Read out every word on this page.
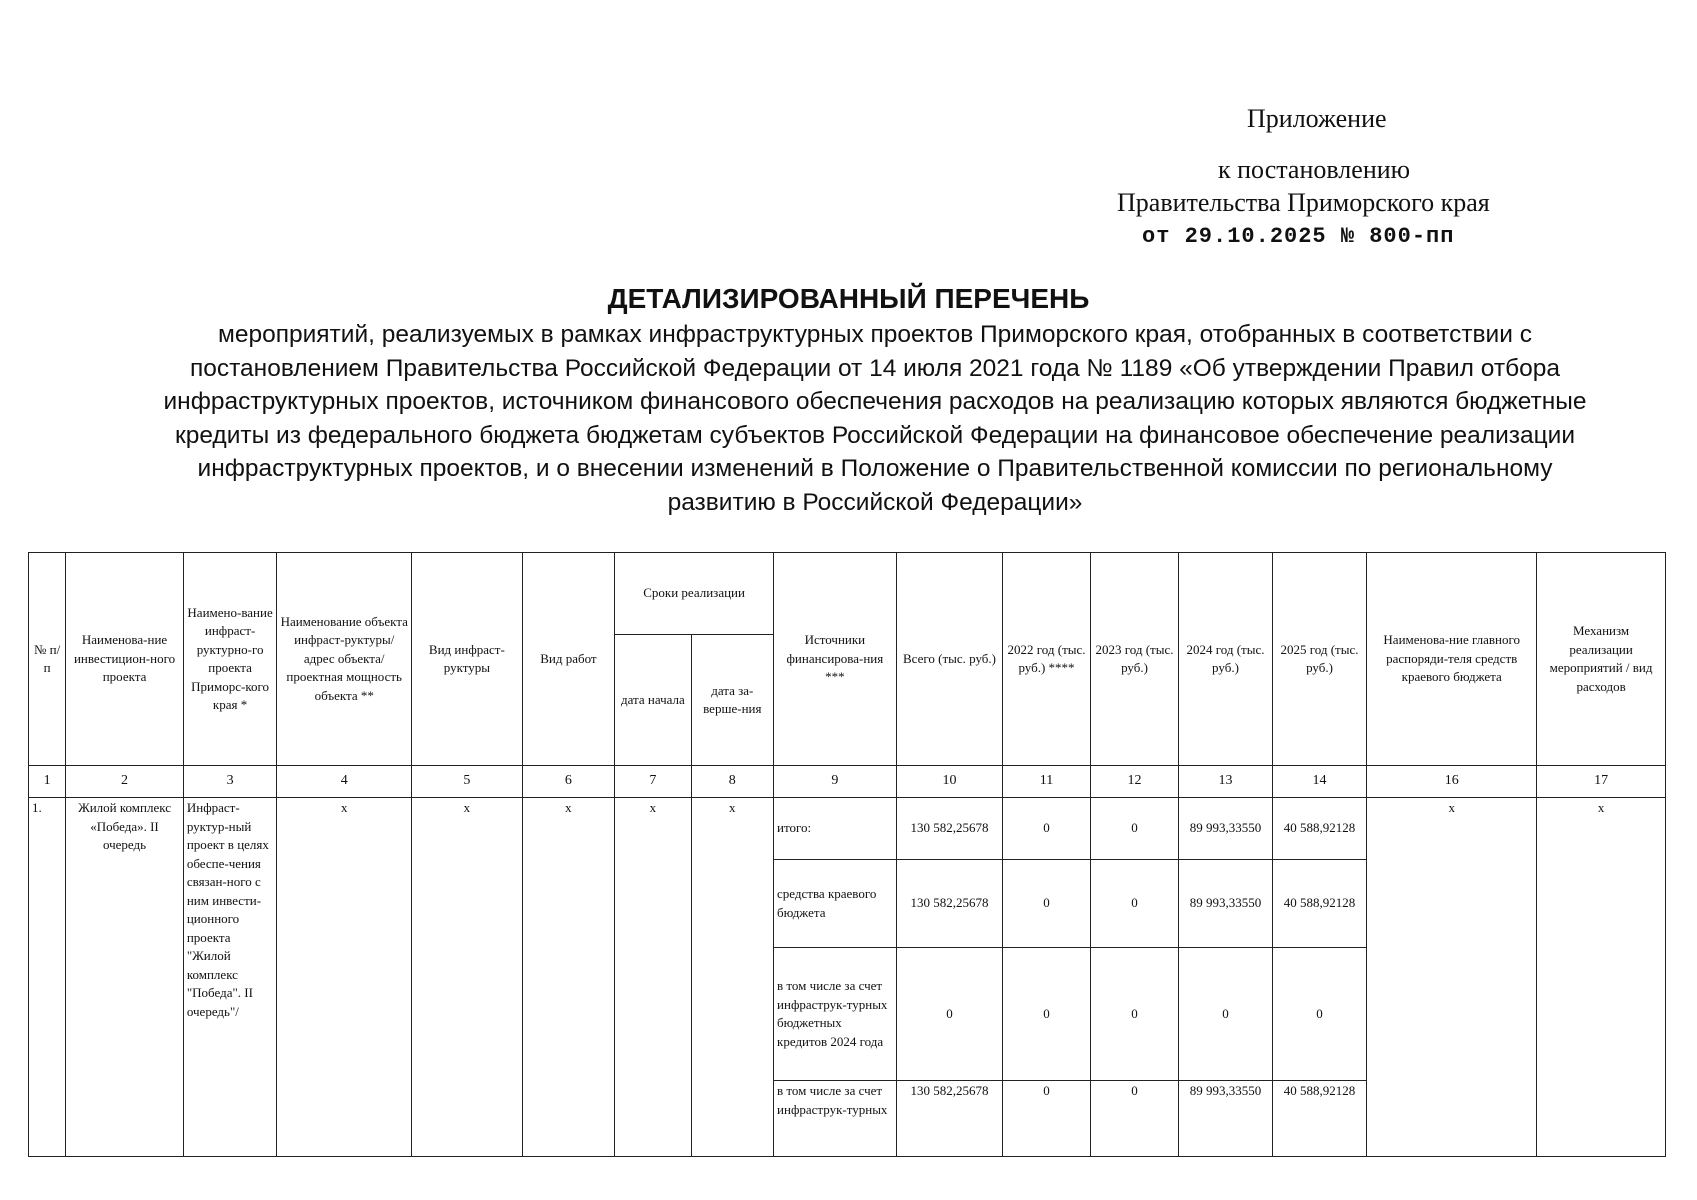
Приложение
к постановлению
Правительства Приморского края
от 29.10.2025 № 800-пп
ДЕТАЛИЗИРОВАННЫЙ ПЕРЕЧЕНЬ
мероприятий, реализуемых в рамках инфраструктурных проектов Приморского края, отобранных в соответствии с
постановлением Правительства Российской Федерации от 14 июля 2021 года № 1189 «Об утверждении Правил отбора
инфраструктурных проектов, источником финансового обеспечения расходов на реализацию которых являются бюджетные
кредиты из федерального бюджета бюджетам субъектов Российской Федерации на финансовое обеспечение реализации
инфраструктурных проектов, и о внесении изменений в Положение о Правительственной комиссии по региональному
развитию в Российской Федерации»
№ п/п	Наименова-ние инвестицион-ного проекта	Наимено-вание инфраст-руктурно-го проекта Приморс-кого края *	Наименование объекта инфраст-руктуры/ адрес объекта/ проектная мощность объекта **	Вид инфраст-руктуры	Вид работ	Сроки реализации		Источники финансирова-ния ***	Всего (тыс. руб.)	2022 год (тыс. руб.) ****	2023 год (тыс. руб.)	2024 год (тыс. руб.)	2025 год (тыс. руб.)	Наименова-ние главного распоряди-теля средств краевого бюджета	Механизм реализации мероприятий / вид расходов
						дата начала	дата за-верше-ния								
1	2	3	4	5	6	7	8	9	10	11	12	13	14	16	17
1.	Жилой комплекс «Победа». II очередь	Инфраст-руктур-ный проект в целях обеспе-чения связан-ного с ним инвести-ционного проекта "Жилой комплекс "Победа". II очередь"/	x	x	x	x	x	итого:	130 582,25678	0	0	89 993,33550	40 588,92128	x	x
								средства краевого бюджета	130 582,25678	0	0	89 993,33550	40 588,92128		
								в том числе за счет инфраструк-турных бюджетных кредитов 2024 года	0	0	0	0	0		
								в том числе за счет инфраструк-турных	130 582,25678	0	0	89 993,33550	40 588,92128		
